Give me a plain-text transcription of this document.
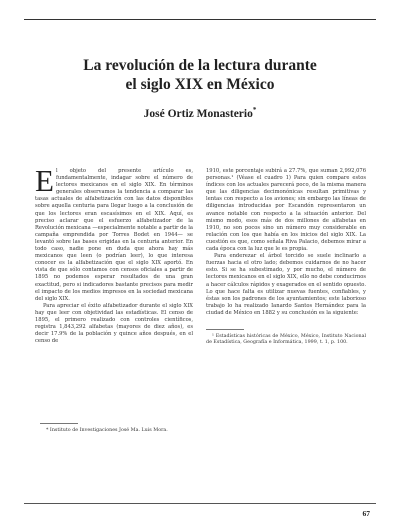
La revolución de la lectura durante
el siglo XIX en México
José Ortiz Monasterio*

El objeto del presente artículo es, fundamentalmente, indagar sobre el número de lectores mexicanos en el siglo XIX. En términos generales observamos la tendencia a comparar las tasas actuales de alfabetización con las datos disponibles sobre aquella centuria para llegar luego a la conclusión de que los lectores eran escasísimos en el XIX. Aquí, es preciso aclarar que el esfuerzo alfabetizador de la Revolución mexicana —especialmente notable a partir de la campaña emprendida por Torres Bodet en 1944— se levantó sobre las bases erigidas en la centuria anterior. En todo caso, nadie pone en duda que ahora hay más mexicanos que leen (o podrían leer), lo que interesa conocer es la alfabetización que el siglo XIX aportó. En vista de que sólo contamos con censos oficiales a partir de 1895 no podemos esperar resultados de una gran exactitud, pero si indicadores bastante precisos para medir el impacto de los medios impresos en la sociedad mexicana del siglo XIX.

Para apreciar el éxito alfabetizador durante el siglo XIX hay que leer con objetividad las estadísticas. El censo de 1895, el primero realizado con controles científicos, registra 1,843,292 alfabetas (mayores de diez años), es decir 17.9% de la población y quince años después, en el censo de

* Instituto de Investigaciones José Ma. Luis Mora.

1910, este porcentaje subirá a 27.7%, que suman 2,992,076 personas.¹ (Véase el cuadro 1) Para quien compare estos índices con los actuales parecerá poco, de la misma manera que las diligencias decimonónicas resultan primitivas y lentas con respecto a los aviones; sin embargo las líneas de diligencias introducidas por Escandón representaron un avance notable con respecto a la situación anterior. Del mismo modo, esos más de dos millones de alfabetas en 1910, no son pocos sino un número muy considerable en relación con los que había en los inicios del siglo XIX. La cuestión es que, como señala Riva Palacio, debemos mirar a cada época con la luz que le es propia.

Para enderezar el árbol torcido se suele inclinarlo a fuerzas hacia el otro lado; debemos cuidarnos de no hacer esto. Si se ha subestimado, y por mucho, el número de lectores mexicanos en el siglo XIX, ello no debe conducirnos a hacer cálculos rápidos y exagerados en el sentido opuesto. Lo que hace falta es utilizar nuevas fuentes, confiables, y éstas son los padrones de los ayuntamientos; este laborioso trabajo lo ha realizado Ianardo Santos Hernández para la ciudad de México en 1882 y su conclusión es la siguiente:

¹ Estadísticas históricas de México, México, Instituto Nacional de Estadística, Geografía e Informática, 1999, t. 1, p. 100.
67
